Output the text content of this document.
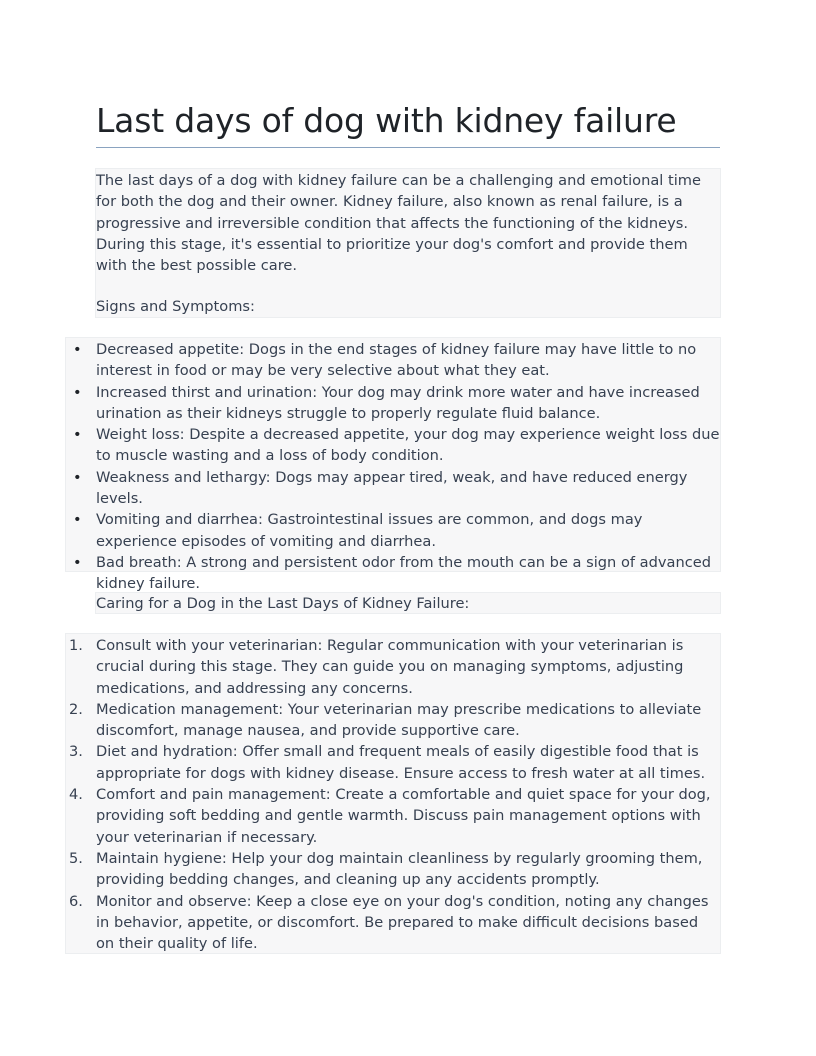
Last days of dog with kidney failure

The last days of a dog with kidney failure can be a challenging and emotional time for both the dog and their owner. Kidney failure, also known as renal failure, is a progressive and irreversible condition that affects the functioning of the kidneys. During this stage, it's essential to prioritize your dog's comfort and provide them with the best possible care.

Signs and Symptoms:

• Decreased appetite: Dogs in the end stages of kidney failure may have little to no interest in food or may be very selective about what they eat.
• Increased thirst and urination: Your dog may drink more water and have increased urination as their kidneys struggle to properly regulate fluid balance.
• Weight loss: Despite a decreased appetite, your dog may experience weight loss due to muscle wasting and a loss of body condition.
• Weakness and lethargy: Dogs may appear tired, weak, and have reduced energy levels.
• Vomiting and diarrhea: Gastrointestinal issues are common, and dogs may experience episodes of vomiting and diarrhea.
• Bad breath: A strong and persistent odor from the mouth can be a sign of advanced kidney failure.

Caring for a Dog in the Last Days of Kidney Failure:

1. Consult with your veterinarian: Regular communication with your veterinarian is crucial during this stage. They can guide you on managing symptoms, adjusting medications, and addressing any concerns.
2. Medication management: Your veterinarian may prescribe medications to alleviate discomfort, manage nausea, and provide supportive care.
3. Diet and hydration: Offer small and frequent meals of easily digestible food that is appropriate for dogs with kidney disease. Ensure access to fresh water at all times.
4. Comfort and pain management: Create a comfortable and quiet space for your dog, providing soft bedding and gentle warmth. Discuss pain management options with your veterinarian if necessary.
5. Maintain hygiene: Help your dog maintain cleanliness by regularly grooming them, providing bedding changes, and cleaning up any accidents promptly.
6. Monitor and observe: Keep a close eye on your dog's condition, noting any changes in behavior, appetite, or discomfort. Be prepared to make difficult decisions based on their quality of life.
